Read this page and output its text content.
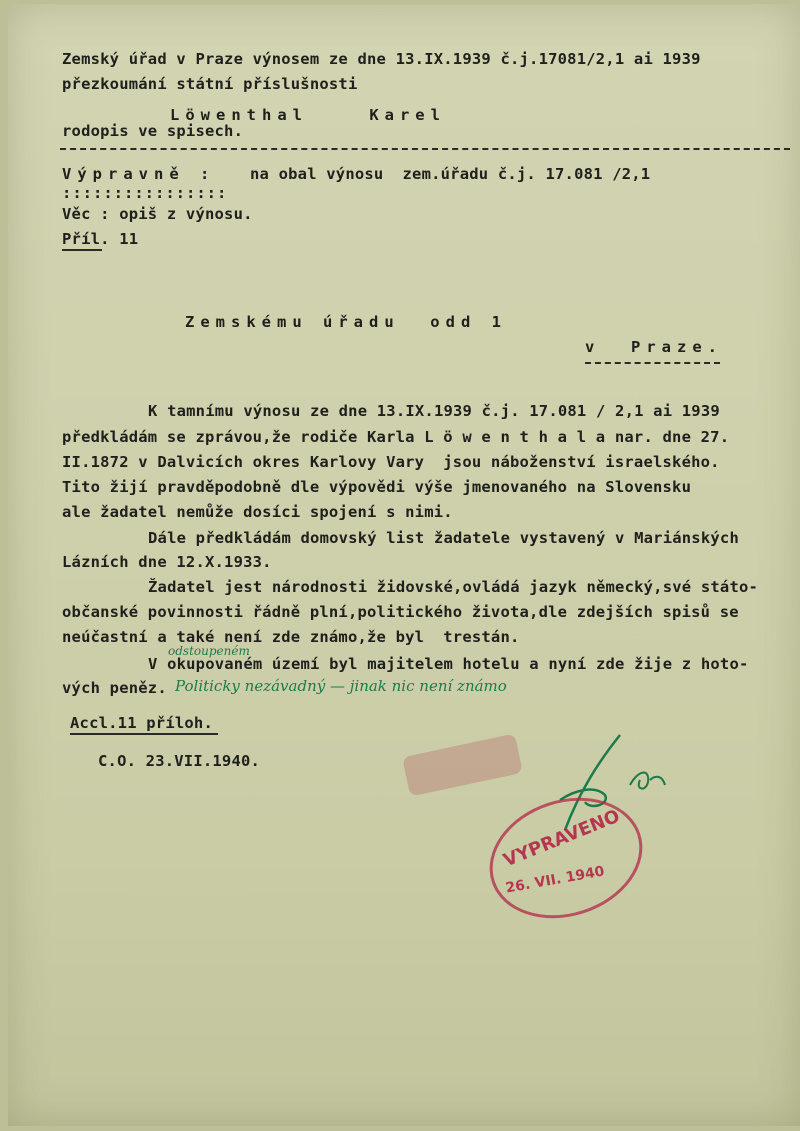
Zemský úřad v Praze výnosem ze dne 13.IX.1939 č.j.17081/2,1 ai 1939
přezkoumání státní příslušnosti
Löwenthal    Karel
rodopis ve spisech.
Výpravně : na obal výnosu  zem.úřadu č.j. 17.081 /2,1
::::::::::::::::
Věc : opiš z výnosu.
Příl. 11
Zemskému úřadu  odd 1
v  Praze.
K tamnímu výnosu ze dne 13.IX.1939 č.j. 17.081 / 2,1 ai 1939
předkládám se zprávou,že rodiče Karla L ö w e n t h a l a nar. dne 27.
II.1872 v Dalvicích okres Karlovy Vary  jsou náboženství israelského.
Tito žijí pravděpodobně dle výpovědi výše jmenovaného na Slovensku
ale žadatel nemůže dosíci spojení s nimi.
Dále předkládám domovský list žadatele vystavený v Mariánských
Lázních dne 12.X.1933.
Žadatel jest národnosti židovské,ovládá jazyk německý,své státo-
občanské povinnosti řádně plní,politického života,dle zdejších spisů se
neúčastní a také není zde známo,že byl  trestán.
odstoupeném
V okupovaném území byl majitelem hotelu a nyní zde žije z hoto-
vých peněz. Politicky nezávadný — jinak nic není známo
Accl.11 příloh.
C.O. 23.VII.1940.
VYPRAVENO
26. VII. 1940
